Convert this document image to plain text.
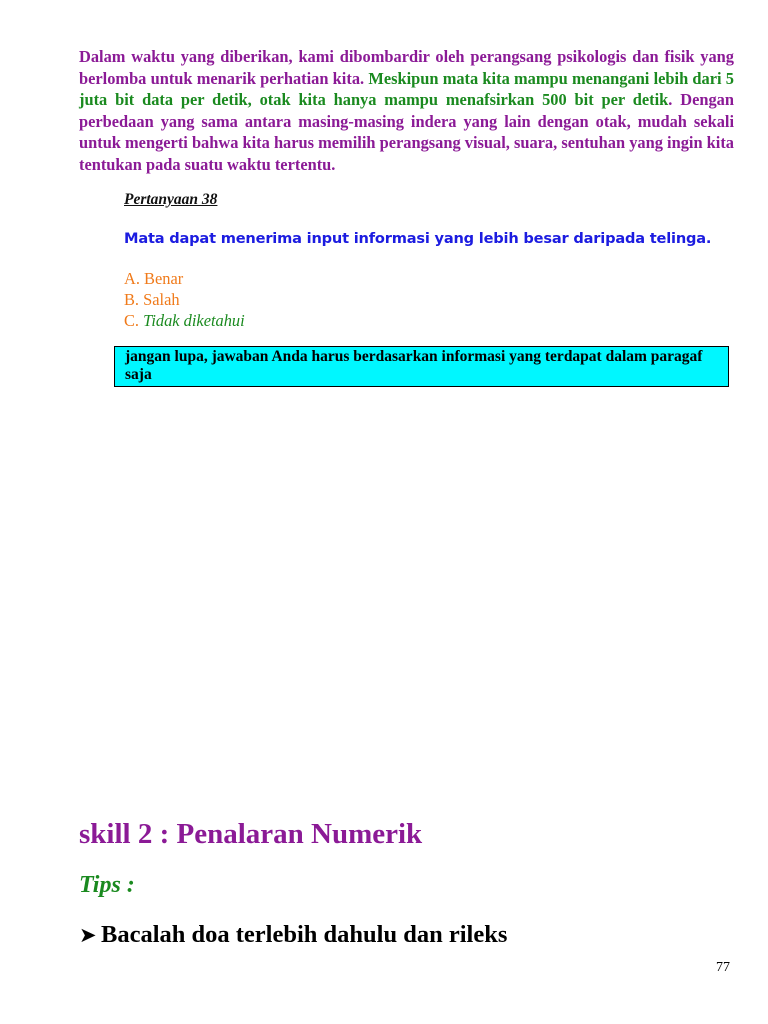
Dalam waktu yang diberikan, kami dibombardir oleh perangsang psikologis dan fisik yang berlomba untuk menarik perhatian kita. Meskipun mata kita mampu menangani lebih dari 5 juta bit data per detik, otak kita hanya mampu menafsirkan 500 bit per detik. Dengan perbedaan yang sama antara masing-masing indera yang lain dengan otak, mudah sekali untuk mengerti bahwa kita harus memilih perangsang visual, suara, sentuhan yang ingin kita tentukan pada suatu waktu tertentu.
Pertanyaan 38
Mata dapat menerima input informasi yang lebih besar daripada telinga.
A. Benar
B. Salah
C. Tidak diketahui
jangan lupa, jawaban Anda harus berdasarkan informasi yang terdapat dalam paragaf saja
skill 2 : Penalaran Numerik
Tips :
➤ Bacalah doa terlebih dahulu dan rileks
77
